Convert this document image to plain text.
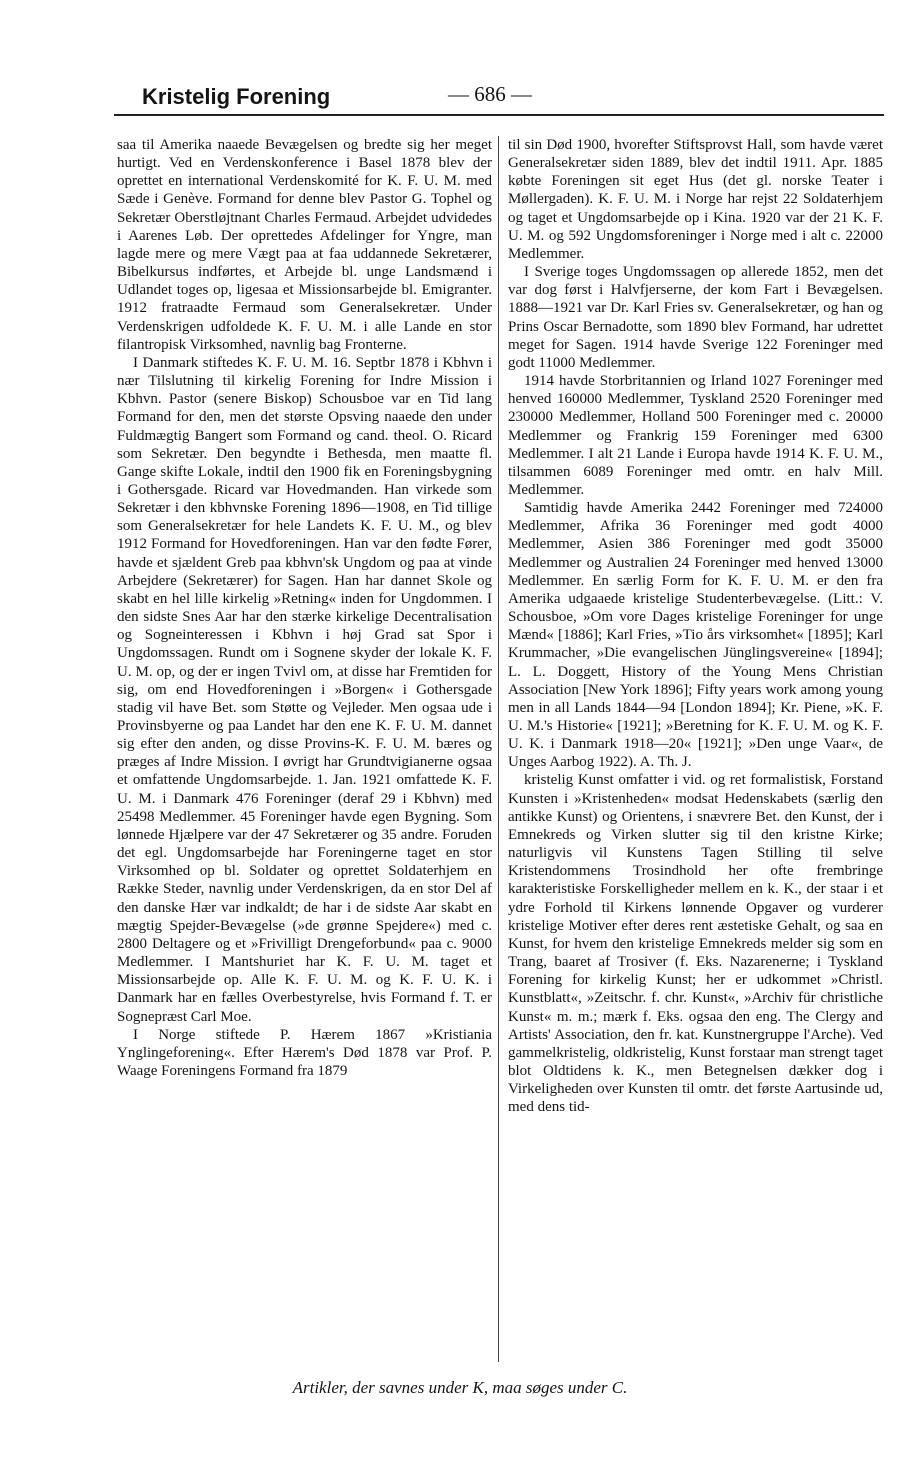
Kristelig Forening	— 686 —

saa til Amerika naaede Bevægelsen og bredte sig her meget hurtigt. Ved en Verdenskonference i Basel 1878 blev der oprettet en international Verdenskomité for K. F. U. M. med Sæde i Genève. Formand for denne blev Pastor G. Tophel og Sekretær Oberstløjtnant Charles Fermaud. Arbejdet udvidedes i Aarenes Løb. Der oprettedes Afdelinger for Yngre, man lagde mere og mere Vægt paa at faa uddannede Sekretærer, Bibelkursus indførtes, et Arbejde bl. unge Landsmænd i Udlandet toges op, ligesaa et Missionsarbejde bl. Emigranter. 1912 fratraadte Fermaud som Generalsekretær. Under Verdenskrigen udfoldede K. F. U. M. i alle Lande en stor filantropisk Virksomhed, navnlig bag Fronterne.

I Danmark stiftedes K. F. U. M. 16. Septbr 1878 i Kbhvn i nær Tilslutning til kirkelig Forening for Indre Mission i Kbhvn. Pastor (senere Biskop) Schousboe var en Tid lang Formand for den, men det største Opsving naaede den under Fuldmægtig Bangert som Formand og cand. theol. O. Ricard som Sekretær. Den begyndte i Bethesda, men maatte fl. Gange skifte Lokale, indtil den 1900 fik en Foreningsbygning i Gothersgade. Ricard var Hovedmanden. Han virkede som Sekretær i den kbhvnske Forening 1896—1908, en Tid tillige som Generalsekretær for hele Landets K. F. U. M., og blev 1912 Formand for Hovedforeningen. Han var den fødte Fører, havde et sjældent Greb paa kbhvn'sk Ungdom og paa at vinde Arbejdere (Sekretærer) for Sagen. Han har dannet Skole og skabt en hel lille kirkelig »Retning« inden for Ungdommen. I den sidste Snes Aar har den stærke kirkelige Decentralisation og Sogneinteressen i Kbhvn i høj Grad sat Spor i Ungdomssagen. Rundt om i Sognene skyder der lokale K. F. U. M. op, og der er ingen Tvivl om, at disse har Fremtiden for sig, om end Hovedforeningen i »Borgen« i Gothersgade stadig vil have Bet. som Støtte og Vejleder. Men ogsaa ude i Provinsbyerne og paa Landet har den ene K. F. U. M. dannet sig efter den anden, og disse Provins-K. F. U. M. bæres og præges af Indre Mission. I øvrigt har Grundtvigianerne ogsaa et omfattende Ungdomsarbejde. 1. Jan. 1921 omfattede K. F. U. M. i Danmark 476 Foreninger (deraf 29 i Kbhvn) med 25498 Medlemmer. 45 Foreninger havde egen Bygning. Som lønnede Hjælpere var der 47 Sekretærer og 35 andre. Foruden det egl. Ungdomsarbejde har Foreningerne taget en stor Virksomhed op bl. Soldater og oprettet Soldaterhjem en Række Steder, navnlig under Verdenskrigen, da en stor Del af den danske Hær var indkaldt; de har i de sidste Aar skabt en mægtig Spejder-Bevægelse (»de grønne Spejdere«) med c. 2800 Deltagere og et »Frivilligt Drengeforbund« paa c. 9000 Medlemmer. I Mantshuriet har K. F. U. M. taget et Missionsarbejde op. Alle K. F. U. M. og K. F. U. K. i Danmark har en fælles Overbestyrelse, hvis Formand f. T. er Sognepræst Carl Moe.

I Norge stiftede P. Hærem 1867 »Kristiania Ynglingeforening«. Efter Hærem's Død 1878 var Prof. P. Waage Foreningens Formand fra 1879

til sin Død 1900, hvorefter Stiftsprovst Hall, som havde været Generalsekretær siden 1889, blev det indtil 1911. Apr. 1885 købte Foreningen sit eget Hus (det gl. norske Teater i Møllergaden). K. F. U. M. i Norge har rejst 22 Soldaterhjem og taget et Ungdomsarbejde op i Kina. 1920 var der 21 K. F. U. M. og 592 Ungdomsforeninger i Norge med i alt c. 22000 Medlemmer.

I Sverige toges Ungdomssagen op allerede 1852, men det var dog først i Halvfjerserne, der kom Fart i Bevægelsen. 1888—1921 var Dr. Karl Fries sv. Generalsekretær, og han og Prins Oscar Bernadotte, som 1890 blev Formand, har udrettet meget for Sagen. 1914 havde Sverige 122 Foreninger med godt 11000 Medlemmer.

1914 havde Storbritannien og Irland 1027 Foreninger med henved 160000 Medlemmer, Tyskland 2520 Foreninger med 230000 Medlemmer, Holland 500 Foreninger med c. 20000 Medlemmer og Frankrig 159 Foreninger med 6300 Medlemmer. I alt 21 Lande i Europa havde 1914 K. F. U. M., tilsammen 6089 Foreninger med omtr. en halv Mill. Medlemmer.

Samtidig havde Amerika 2442 Foreninger med 724000 Medlemmer, Afrika 36 Foreninger med godt 4000 Medlemmer, Asien 386 Foreninger med godt 35000 Medlemmer og Australien 24 Foreninger med henved 13000 Medlemmer. En særlig Form for K. F. U. M. er den fra Amerika udgaaede kristelige Studenterbevægelse. (Litt.: V. Schousboe, »Om vore Dages kristelige Foreninger for unge Mænd« [1886]; Karl Fries, »Tio års virksomhet« [1895]; Karl Krummacher, »Die evangelischen Jünglingsvereine« [1894]; L. L. Doggett, History of the Young Mens Christian Association [New York 1896]; Fifty years work among young men in all Lands 1844—94 [London 1894]; Kr. Piene, »K. F. U. M.'s Historie« [1921]; »Beretning for K. F. U. M. og K. F. U. K. i Danmark 1918—20« [1921]; »Den unge Vaar«, de Unges Aarbog 1922). A. Th. J.

kristelig Kunst omfatter i vid. og ret formalistisk, Forstand Kunsten i »Kristenheden« modsat Hedenskabets (særlig den antikke Kunst) og Orientens, i snævrere Bet. den Kunst, der i Emnekreds og Virken slutter sig til den kristne Kirke; naturligvis vil Kunstens Tagen Stilling til selve Kristendommens Trosindhold her ofte frembringe karakteristiske Forskelligheder mellem en k. K., der staar i et ydre Forhold til Kirkens lønnende Opgaver og vurderer kristelige Motiver efter deres rent æstetiske Gehalt, og saa en Kunst, for hvem den kristelige Emnekreds melder sig som en Trang, baaret af Trosiver (f. Eks. Nazarenerne; i Tyskland Forening for kirkelig Kunst; her er udkommet »Christl. Kunstblatt«, »Zeitschr. f. chr. Kunst«, »Archiv für christliche Kunst« m. m.; mærk f. Eks. ogsaa den eng. The Clergy and Artists' Association, den fr. kat. Kunstnergruppe l'Arche). Ved gammelkristelig, oldkristelig, Kunst forstaar man strengt taget blot Oldtidens k. K., men Betegnelsen dækker dog i Virkeligheden over Kunsten til omtr. det første Aartusinde ud, med dens tid-

Artikler, der savnes under K, maa søges under C.
